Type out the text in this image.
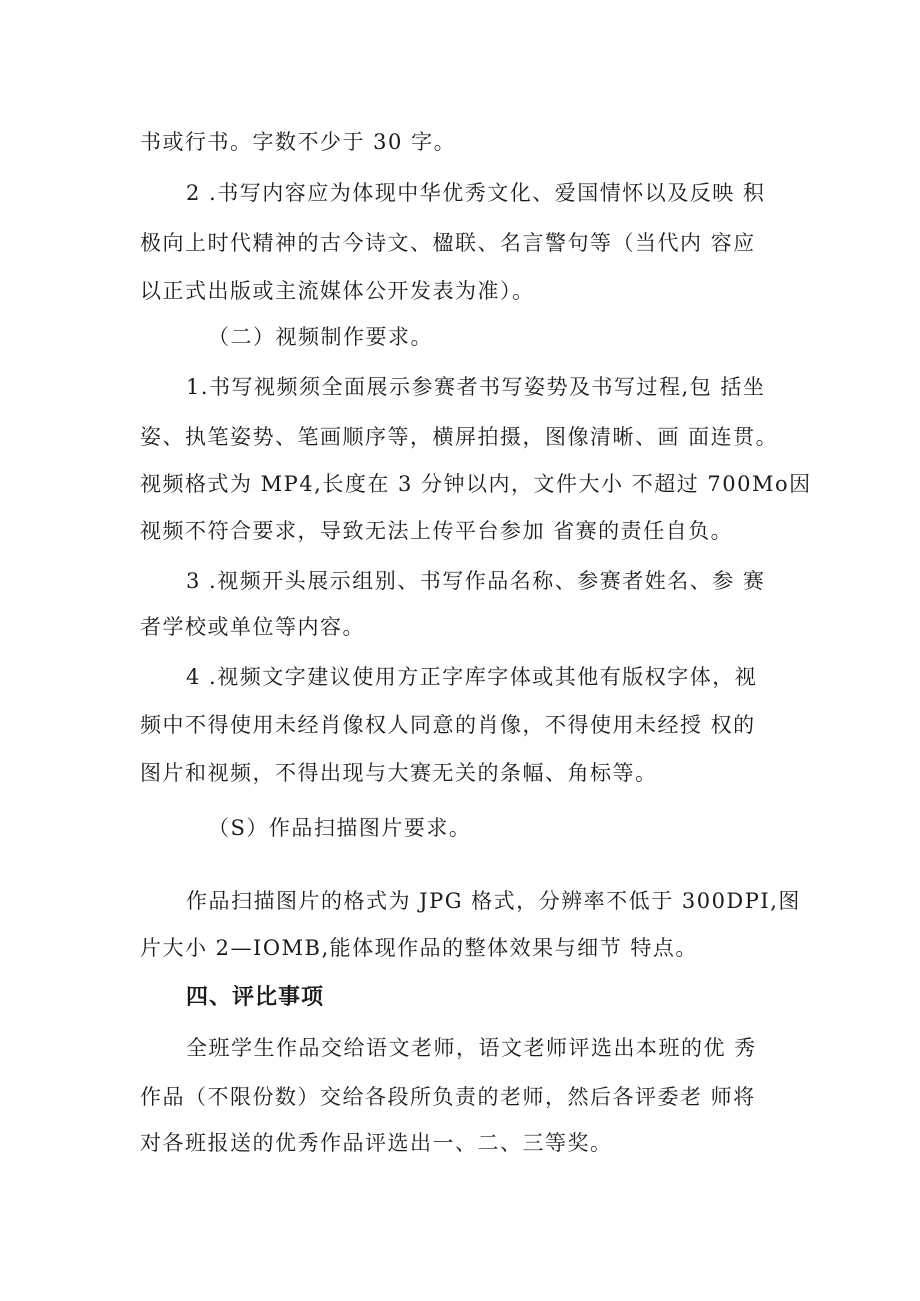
书或行书。字数不少于 30 字。
2 .书写内容应为体现中华优秀文化、爱国情怀以及反映 积
极向上时代精神的古今诗文、楹联、名言警句等（当代内 容应
以正式出版或主流媒体公开发表为准）。
（二）视频制作要求。
1.书写视频须全面展示参赛者书写姿势及书写过程,包 括坐
姿、执笔姿势、笔画顺序等，横屏拍摄，图像清晰、画 面连贯。
视频格式为 MP4,长度在 3 分钟以内，文件大小 不超过 700Mo因
视频不符合要求，导致无法上传平台参加 省赛的责任自负。
3 .视频开头展示组别、书写作品名称、参赛者姓名、参 赛
者学校或单位等内容。
4 .视频文字建议使用方正字库字体或其他有版权字体，视
频中不得使用未经肖像权人同意的肖像，不得使用未经授 权的
图片和视频，不得出现与大赛无关的条幅、角标等。
（S）作品扫描图片要求。
作品扫描图片的格式为 JPG 格式，分辨率不低于 300DPI,图
片大小 2—IOMB,能体现作品的整体效果与细节 特点。
四、评比事项
全班学生作品交给语文老师，语文老师评选出本班的优 秀
作品（不限份数）交给各段所负责的老师，然后各评委老 师将
对各班报送的优秀作品评选出一、二、三等奖。
